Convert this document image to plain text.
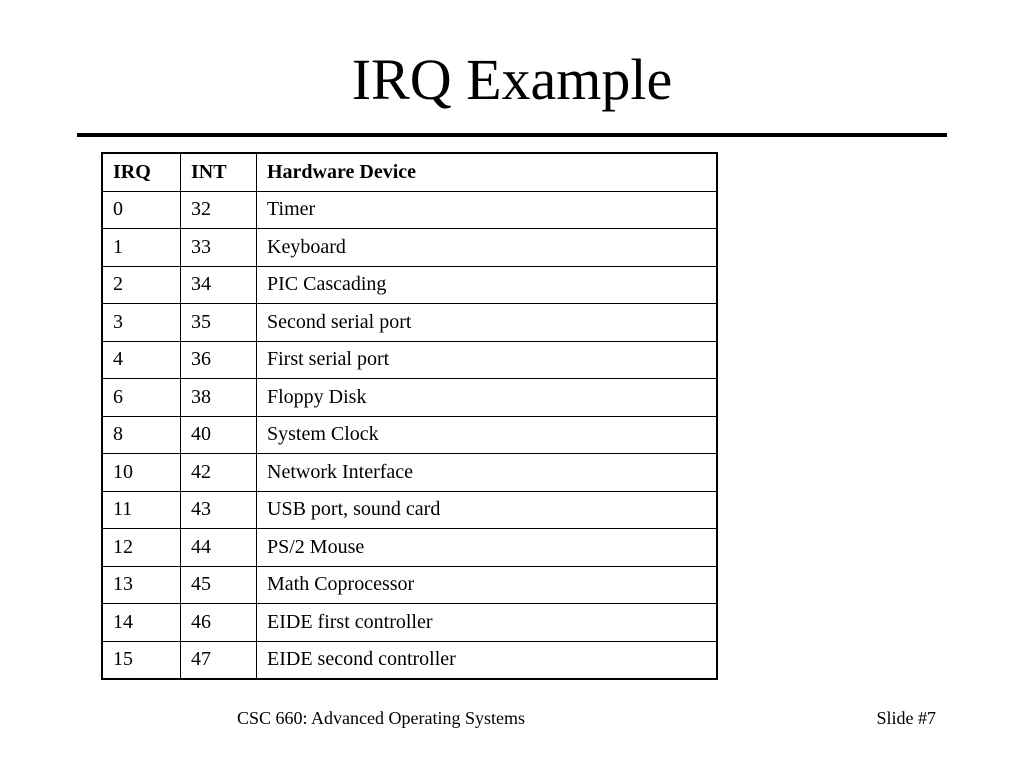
IRQ Example
IRQ	INT	Hardware Device
0	32	Timer
1	33	Keyboard
2	34	PIC Cascading
3	35	Second serial port
4	36	First serial port
6	38	Floppy Disk
8	40	System Clock
10	42	Network Interface
11	43	USB port, sound card
12	44	PS/2 Mouse
13	45	Math Coprocessor
14	46	EIDE first controller
15	47	EIDE second controller
CSC 660: Advanced Operating Systems	Slide #7
